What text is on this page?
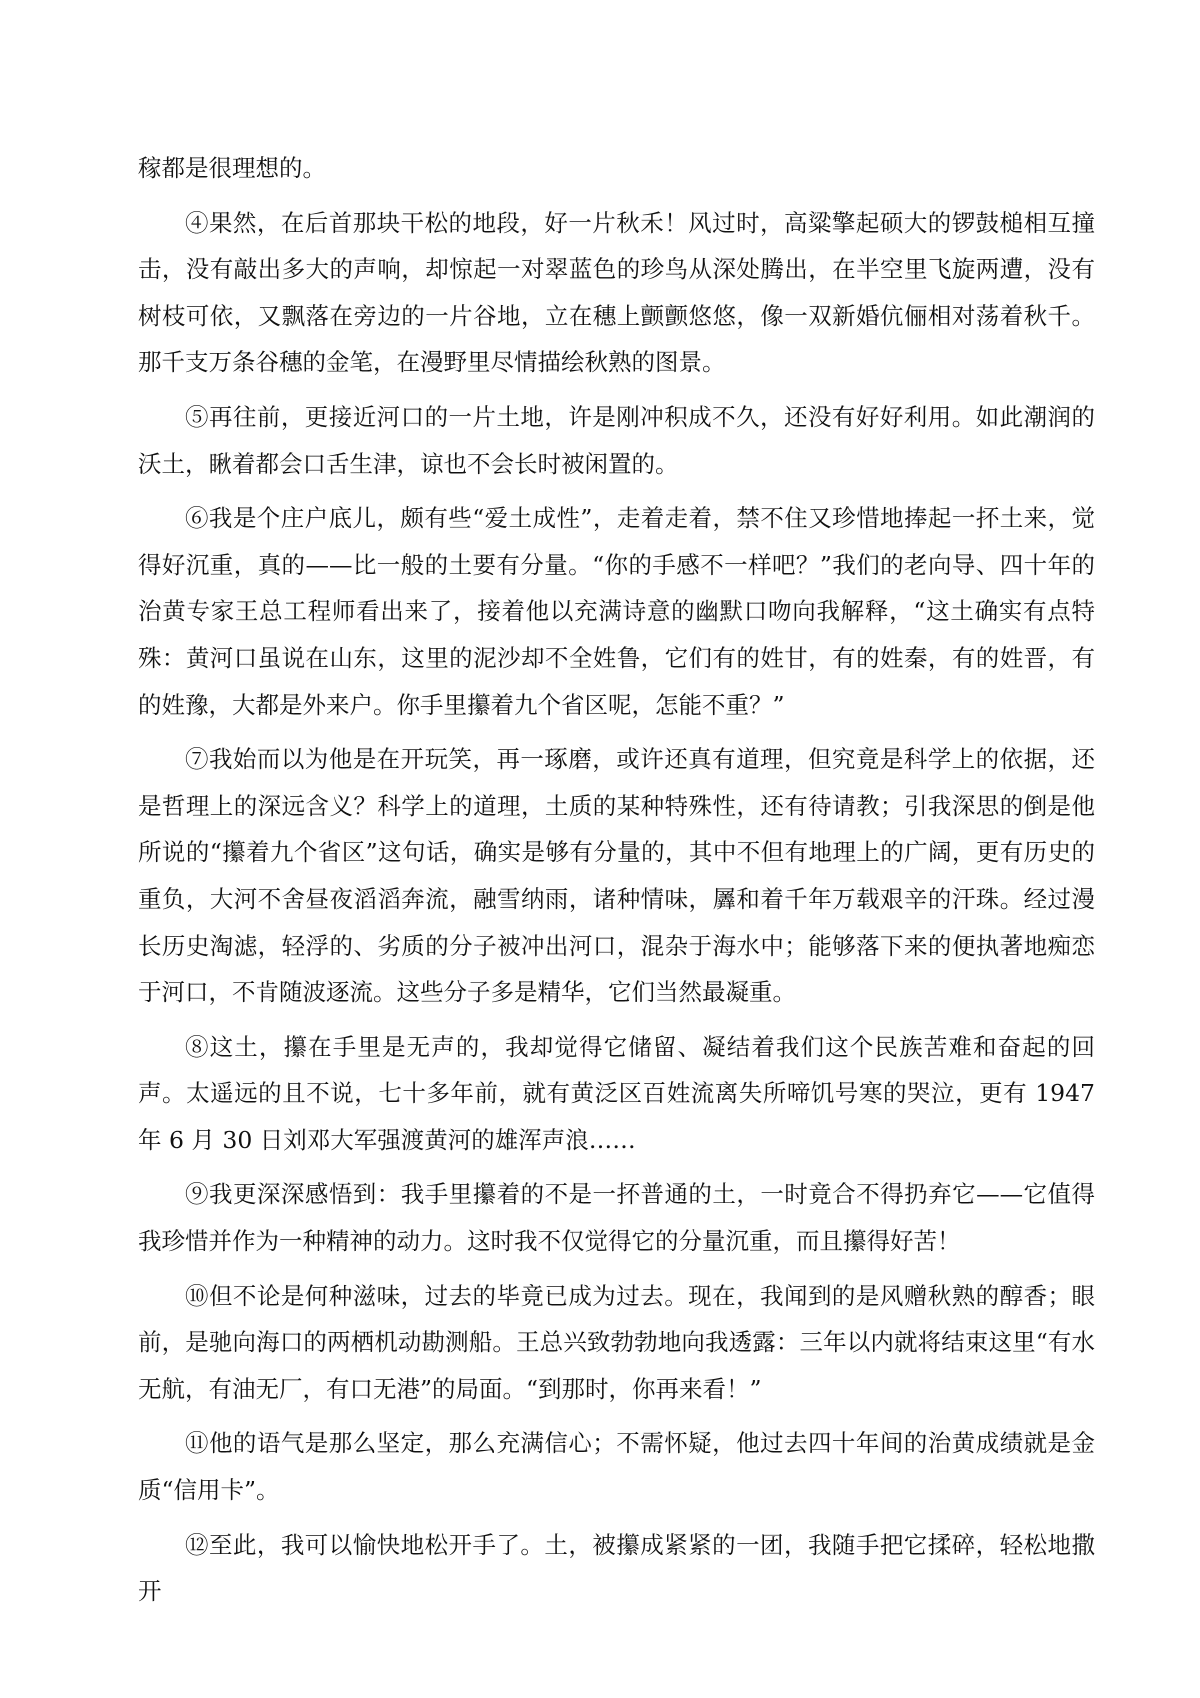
稼都是很理想的。

④果然，在后首那块干松的地段，好一片秋禾！风过时，高粱擎起硕大的锣鼓槌相互撞击，没有敲出多大的声响，却惊起一对翠蓝色的珍鸟从深处腾出，在半空里飞旋两遭，没有树枝可依，又飘落在旁边的一片谷地，立在穗上颤颤悠悠，像一双新婚伉俪相对荡着秋千。那千支万条谷穗的金笔，在漫野里尽情描绘秋熟的图景。

⑤再往前，更接近河口的一片土地，许是刚冲积成不久，还没有好好利用。如此潮润的沃土，瞅着都会口舌生津，谅也不会长时被闲置的。

⑥我是个庄户底儿，颇有些“爱土成性”，走着走着，禁不住又珍惜地捧起一抔土来，觉得好沉重，真的——比一般的土要有分量。“你的手感不一样吧？”我们的老向导、四十年的治黄专家王总工程师看出来了，接着他以充满诗意的幽默口吻向我解释，“这土确实有点特殊：黄河口虽说在山东，这里的泥沙却不全姓鲁，它们有的姓甘，有的姓秦，有的姓晋，有的姓豫，大都是外来户。你手里攥着九个省区呢，怎能不重？”

⑦我始而以为他是在开玩笑，再一琢磨，或许还真有道理，但究竟是科学上的依据，还是哲理上的深远含义？科学上的道理，土质的某种特殊性，还有待请教；引我深思的倒是他所说的“攥着九个省区”这句话，确实是够有分量的，其中不但有地理上的广阔，更有历史的重负，大河不舍昼夜滔滔奔流，融雪纳雨，诸种情味，羼和着千年万载艰辛的汗珠。经过漫长历史淘滤，轻浮的、劣质的分子被冲出河口，混杂于海水中；能够落下来的便执著地痴恋于河口，不肯随波逐流。这些分子多是精华，它们当然最凝重。

⑧这土，攥在手里是无声的，我却觉得它储留、凝结着我们这个民族苦难和奋起的回声。太遥远的且不说，七十多年前，就有黄泛区百姓流离失所啼饥号寒的哭泣，更有 1947 年 6 月 30 日刘邓大军强渡黄河的雄浑声浪……

⑨我更深深感悟到：我手里攥着的不是一抔普通的土，一时竟合不得扔弃它——它值得我珍惜并作为一种精神的动力。这时我不仅觉得它的分量沉重，而且攥得好苦！

⑩但不论是何种滋味，过去的毕竟已成为过去。现在，我闻到的是风赠秋熟的醇香；眼前，是驰向海口的两栖机动勘测船。王总兴致勃勃地向我透露：三年以内就将结束这里“有水无航，有油无厂，有口无港”的局面。“到那时，你再来看！”

⑪他的语气是那么坚定，那么充满信心；不需怀疑，他过去四十年间的治黄成绩就是金质“信用卡”。

⑫至此，我可以愉快地松开手了。土，被攥成紧紧的一团，我随手把它揉碎，轻松地撒开
